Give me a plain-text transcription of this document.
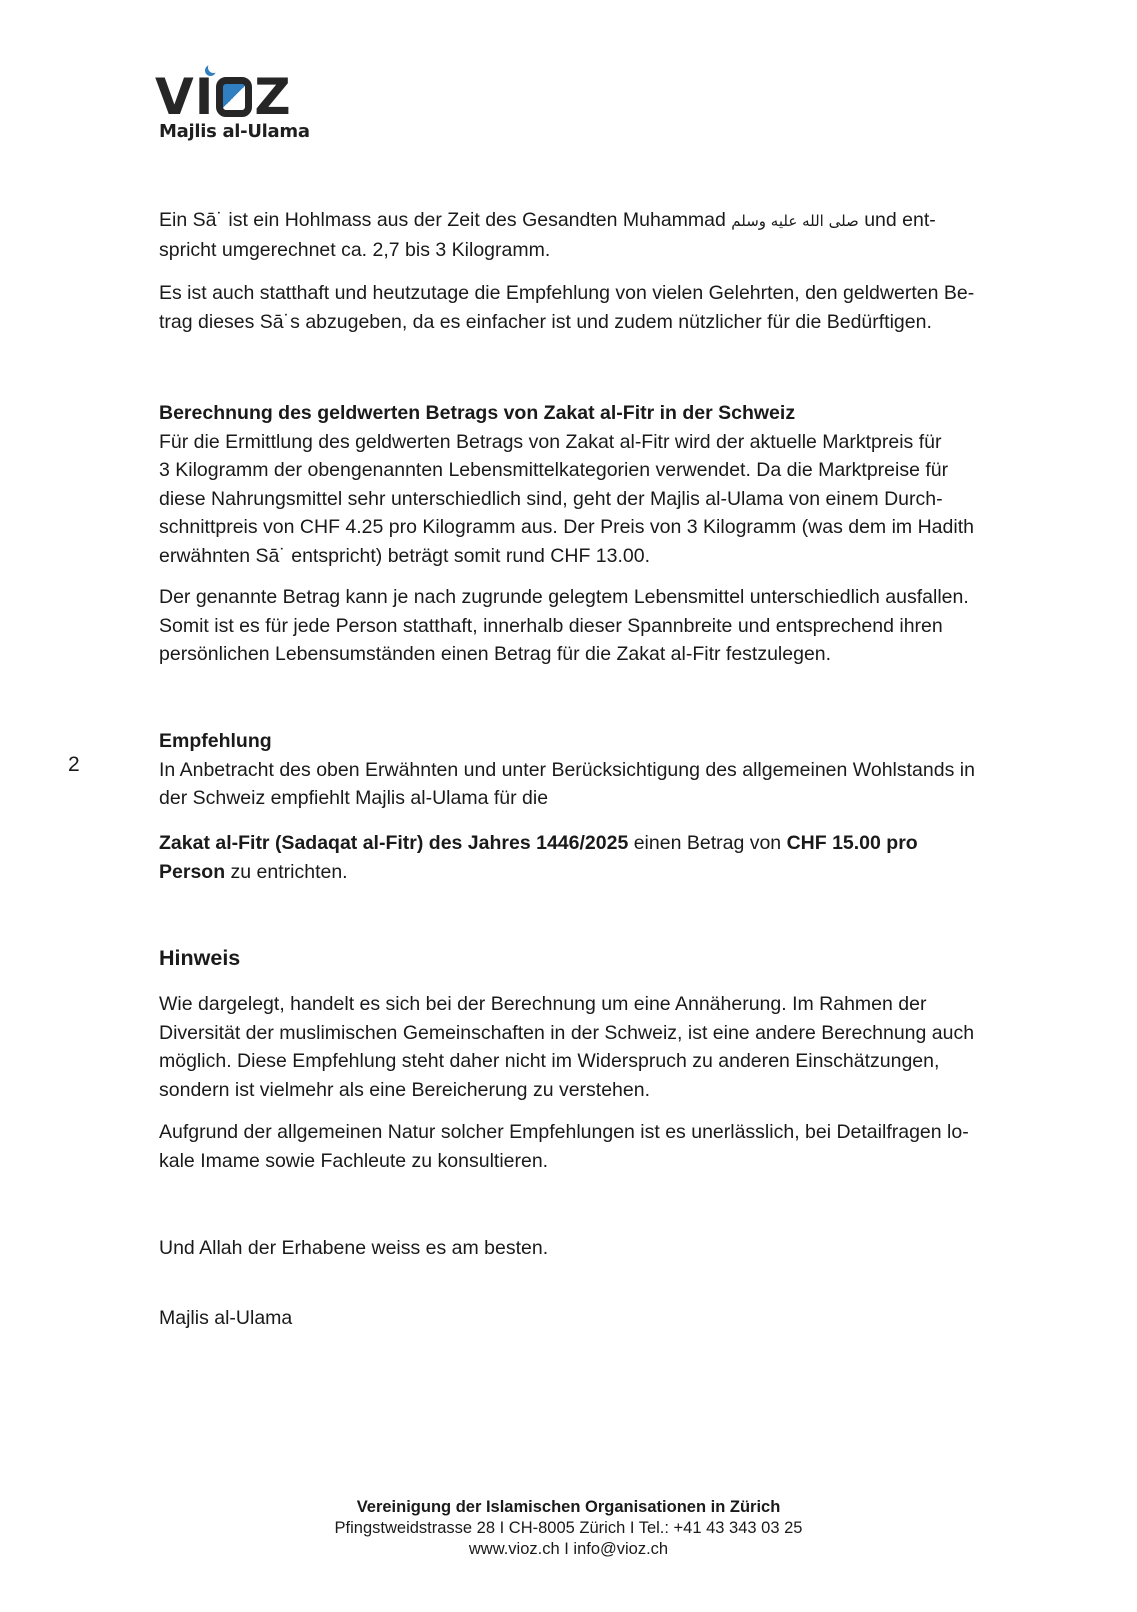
VI Z
Majlis al-Ulama

Ein Sā˙ ist ein Hohlmass aus der Zeit des Gesandten Muhammad صلى الله عليه وسلم und ent-

spricht umgerechnet ca. 2,7 bis 3 Kilogramm.

Es ist auch statthaft und heutzutage die Empfehlung von vielen Gelehrten, den geldwerten Be-

trag dieses Sā˙s abzugeben, da es einfacher ist und zudem nützlicher für die Bedürftigen.

Berechnung des geldwerten Betrags von Zakat al-Fitr in der Schweiz

Für die Ermittlung des geldwerten Betrags von Zakat al-Fitr wird der aktuelle Marktpreis für

3 Kilogramm der obengenannten Lebensmittelkategorien verwendet. Da die Marktpreise für

diese Nahrungsmittel sehr unterschiedlich sind, geht der Majlis al-Ulama von einem Durch-

schnittpreis von CHF 4.25 pro Kilogramm aus. Der Preis von 3 Kilogramm (was dem im Hadith

erwähnten Sā˙ entspricht) beträgt somit rund CHF 13.00.

Der genannte Betrag kann je nach zugrunde gelegtem Lebensmittel unterschiedlich ausfallen.

Somit ist es für jede Person statthaft, innerhalb dieser Spannbreite und entsprechend ihren

persönlichen Lebensumständen einen Betrag für die Zakat al-Fitr festzulegen.

2

Empfehlung

In Anbetracht des oben Erwähnten und unter Berücksichtigung des allgemeinen Wohlstands in

der Schweiz empfiehlt Majlis al-Ulama für die

Zakat al-Fitr (Sadaqat al-Fitr) des Jahres 1446/2025 einen Betrag von CHF 15.00 pro

Person zu entrichten.

Hinweis

Wie dargelegt, handelt es sich bei der Berechnung um eine Annäherung. Im Rahmen der

Diversität der muslimischen Gemeinschaften in der Schweiz, ist eine andere Berechnung auch

möglich. Diese Empfehlung steht daher nicht im Widerspruch zu anderen Einschätzungen,

sondern ist vielmehr als eine Bereicherung zu verstehen.

Aufgrund der allgemeinen Natur solcher Empfehlungen ist es unerlässlich, bei Detailfragen lo-

kale Imame sowie Fachleute zu konsultieren.

Und Allah der Erhabene weiss es am besten.
Majlis al-Ulama
Vereinigung der Islamischen Organisationen in Zürich
Pfingstweidstrasse 28 I CH-8005 Zürich I Tel.: +41 43 343 03 25
www.vioz.ch I info@vioz.ch
